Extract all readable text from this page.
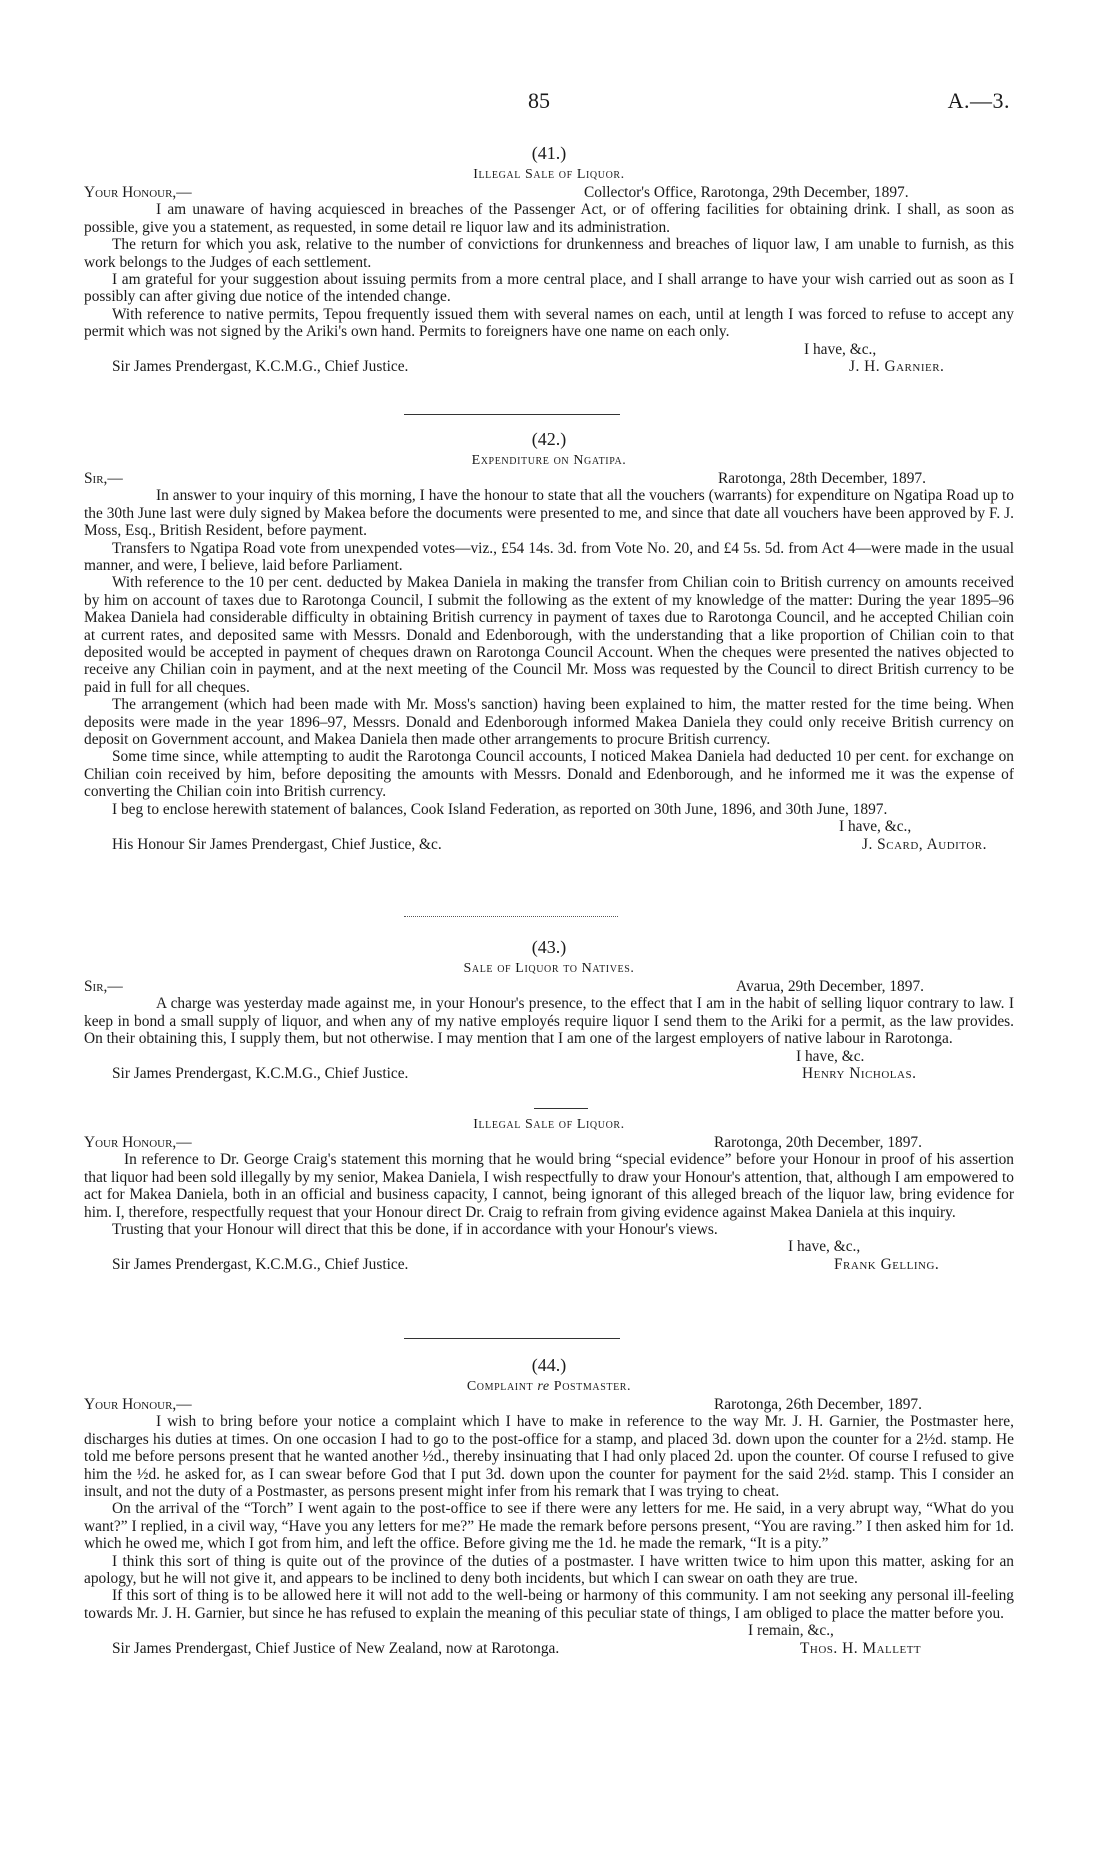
85	A.—3.
(41.)
Illegal Sale of Liquor.
Your Honour,—	Collector's Office, Rarotonga, 29th December, 1897.

I am unaware of having acquiesced in breaches of the Passenger Act, or of offering facilities for obtaining drink. I shall, as soon as possible, give you a statement, as requested, in some detail re liquor law and its administration.

The return for which you ask, relative to the number of convictions for drunkenness and breaches of liquor law, I am unable to furnish, as this work belongs to the Judges of each settlement.

I am grateful for your suggestion about issuing permits from a more central place, and I shall arrange to have your wish carried out as soon as I possibly can after giving due notice of the intended change.

With reference to native permits, Tepou frequently issued them with several names on each, until at length I was forced to refuse to accept any permit which was not signed by the Ariki's own hand. Permits to foreigners have one name on each only.

I have, &c.,
Sir James Prendergast, K.C.M.G., Chief Justice.	J. H. Garnier.
(42.)
Expenditure on Ngatipa.
Sir,—	Rarotonga, 28th December, 1897.

In answer to your inquiry of this morning, I have the honour to state that all the vouchers (warrants) for expenditure on Ngatipa Road up to the 30th June last were duly signed by Makea before the documents were presented to me, and since that date all vouchers have been approved by F. J. Moss, Esq., British Resident, before payment.

Transfers to Ngatipa Road vote from unexpended votes—viz., £54 14s. 3d. from Vote No. 20, and £4 5s. 5d. from Act 4—were made in the usual manner, and were, I believe, laid before Parliament.

With reference to the 10 per cent. deducted by Makea Daniela in making the transfer from Chilian coin to British currency on amounts received by him on account of taxes due to Rarotonga Council, I submit the following as the extent of my knowledge of the matter: During the year 1895–96 Makea Daniela had considerable difficulty in obtaining British currency in payment of taxes due to Rarotonga Council, and he accepted Chilian coin at current rates, and deposited same with Messrs. Donald and Edenborough, with the understanding that a like proportion of Chilian coin to that deposited would be accepted in payment of cheques drawn on Rarotonga Council Account. When the cheques were presented the natives objected to receive any Chilian coin in payment, and at the next meeting of the Council Mr. Moss was requested by the Council to direct British currency to be paid in full for all cheques.

The arrangement (which had been made with Mr. Moss's sanction) having been explained to him, the matter rested for the time being. When deposits were made in the year 1896–97, Messrs. Donald and Edenborough informed Makea Daniela they could only receive British currency on deposit on Government account, and Makea Daniela then made other arrangements to procure British currency.

Some time since, while attempting to audit the Rarotonga Council accounts, I noticed Makea Daniela had deducted 10 per cent. for exchange on Chilian coin received by him, before depositing the amounts with Messrs. Donald and Edenborough, and he informed me it was the expense of converting the Chilian coin into British currency.

I beg to enclose herewith statement of balances, Cook Island Federation, as reported on 30th June, 1896, and 30th June, 1897.

I have, &c.,
His Honour Sir James Prendergast, Chief Justice, &c.	J. Scard, Auditor.
(43.)
Sale of Liquor to Natives.
Sir,—	Avarua, 29th December, 1897.

A charge was yesterday made against me, in your Honour's presence, to the effect that I am in the habit of selling liquor contrary to law. I keep in bond a small supply of liquor, and when any of my native employés require liquor I send them to the Ariki for a permit, as the law provides. On their obtaining this, I supply them, but not otherwise. I may mention that I am one of the largest employers of native labour in Rarotonga.

I have, &c.
Sir James Prendergast, K.C.M.G., Chief Justice.	Henry Nicholas.
Illegal Sale of Liquor.
Your Honour,—	Rarotonga, 20th December, 1897.

In reference to Dr. George Craig's statement this morning that he would bring “special evidence” before your Honour in proof of his assertion that liquor had been sold illegally by my senior, Makea Daniela, I wish respectfully to draw your Honour's attention, that, although I am empowered to act for Makea Daniela, both in an official and business capacity, I cannot, being ignorant of this alleged breach of the liquor law, bring evidence for him. I, therefore, respectfully request that your Honour direct Dr. Craig to refrain from giving evidence against Makea Daniela at this inquiry.

Trusting that your Honour will direct that this be done, if in accordance with your Honour's views.

I have, &c.,
Sir James Prendergast, K.C.M.G., Chief Justice.	Frank Gelling.
(44.)
Complaint re Postmaster.
Your Honour,—	Rarotonga, 26th December, 1897.

I wish to bring before your notice a complaint which I have to make in reference to the way Mr. J. H. Garnier, the Postmaster here, discharges his duties at times. On one occasion I had to go to the post-office for a stamp, and placed 3d. down upon the counter for a 2½d. stamp. He told me before persons present that he wanted another ½d., thereby insinuating that I had only placed 2d. upon the counter. Of course I refused to give him the ½d. he asked for, as I can swear before God that I put 3d. down upon the counter for payment for the said 2½d. stamp. This I consider an insult, and not the duty of a Postmaster, as persons present might infer from his remark that I was trying to cheat.

On the arrival of the “Torch” I went again to the post-office to see if there were any letters for me. He said, in a very abrupt way, “What do you want?” I replied, in a civil way, “Have you any letters for me?” He made the remark before persons present, “You are raving.” I then asked him for 1d. which he owed me, which I got from him, and left the office. Before giving me the 1d. he made the remark, “It is a pity.”

I think this sort of thing is quite out of the province of the duties of a postmaster. I have written twice to him upon this matter, asking for an apology, but he will not give it, and appears to be inclined to deny both incidents, but which I can swear on oath they are true.

If this sort of thing is to be allowed here it will not add to the well-being or harmony of this community. I am not seeking any personal ill-feeling towards Mr. J. H. Garnier, but since he has refused to explain the meaning of this peculiar state of things, I am obliged to place the matter before you.

I remain, &c.,
Sir James Prendergast, Chief Justice of New Zealand, now at Rarotonga.	Thos. H. Mallett
